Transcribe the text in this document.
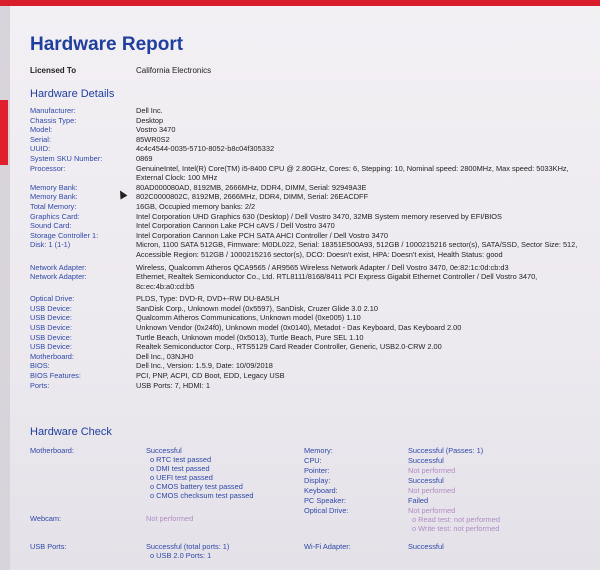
Hardware Report
Licensed To	California Electronics
Hardware Details
Manufacturer:	Dell Inc.
Chassis Type:	Desktop
Model:	Vostro 3470
Serial:	85WR0S2
UUID:	4c4c4544-0035-5710-8052-b8c04f305332
System SKU Number:	0869
Processor:	GenuineIntel, Intel(R) Core(TM) i5-8400 CPU @ 2.80GHz, Cores: 6, Stepping: 10, Nominal speed: 2800MHz, Max speed: 5033KHz, External Clock: 100 MHz
Memory Bank:	80AD000080AD, 8192MB, 2666MHz, DDR4, DIMM, Serial: 92949A3E
Memory Bank:	802C0000802C, 8192MB, 2666MHz, DDR4, DIMM, Serial: 26EACDFF
Total Memory:	16GB, Occupied memory banks: 2/2
Graphics Card:	Intel Corporation UHD Graphics 630 (Desktop) / Dell Vostro 3470, 32MB System memory reserved by EFI/BIOS
Sound Card:	Intel Corporation Cannon Lake PCH cAVS / Dell Vostro 3470
Storage Controller 1:	Intel Corporation Cannon Lake PCH SATA AHCI Controller / Dell Vostro 3470
Disk: 1 (1-1)	Micron, 1100 SATA 512GB, Firmware: M0DL022, Serial: 18351E500A93, 512GB / 1000215216 sector(s), SATA/SSD, Sector Size: 512, Accessible Region: 512GB / 1000215216 sector(s), DCO: Doesn't exist, HPA: Doesn't exist, Health Status: good
Network Adapter:	Wireless, Qualcomm Atheros QCA9565 / AR9565 Wireless Network Adapter / Dell Vostro 3470, 0e:82:1c:0d:cb:d3
Network Adapter:	Ethernet, Realtek Semiconductor Co., Ltd. RTL8111/8168/8411 PCI Express Gigabit Ethernet Controller / Dell Vostro 3470, 8c:ec:4b:a0:cd:b5
Optical Drive:	PLDS, Type: DVD-R, DVD+-RW DU-8A5LH
USB Device:	SanDisk Corp., Unknown model (0x5597), SanDisk, Cruzer Glide 3.0 2.10
USB Device:	Qualcomm Atheros Communications, Unknown model (0xe005) 1.10
USB Device:	Unknown Vendor (0x24f0), Unknown model (0x0140), Metadot - Das Keyboard, Das Keyboard 2.00
USB Device:	Turtle Beach, Unknown model (0x5013), Turtle Beach, Pure SEL 1.10
USB Device:	Realtek Semiconductor Corp., RTS5129 Card Reader Controller, Generic, USB2.0-CRW 2.00
Motherboard:	Dell Inc., 03NJH0
BIOS:	Dell Inc., Version: 1.5.9, Date: 10/09/2018
BIOS Features:	PCI, PNP, ACPI, CD Boot, EDD, Legacy USB
Ports:	USB Ports: 7, HDMI: 1
Hardware Check
Motherboard:	Successful
o RTC test passed
o DMI test passed
o UEFI test passed
o CMOS battery test passed
o CMOS checksum test passed
Webcam:	Not performed
USB Ports:	Successful (total ports: 1)
o USB 2.0 Ports: 1
Memory:	Successful (Passes: 1)
CPU:	Successful
Pointer:	Not performed
Display:	Successful
Keyboard:	Not performed
PC Speaker:	Failed
Optical Drive:	Not performed
o Read test: not performed
o Write test: not performed
Wi-Fi Adapter:	Successful
